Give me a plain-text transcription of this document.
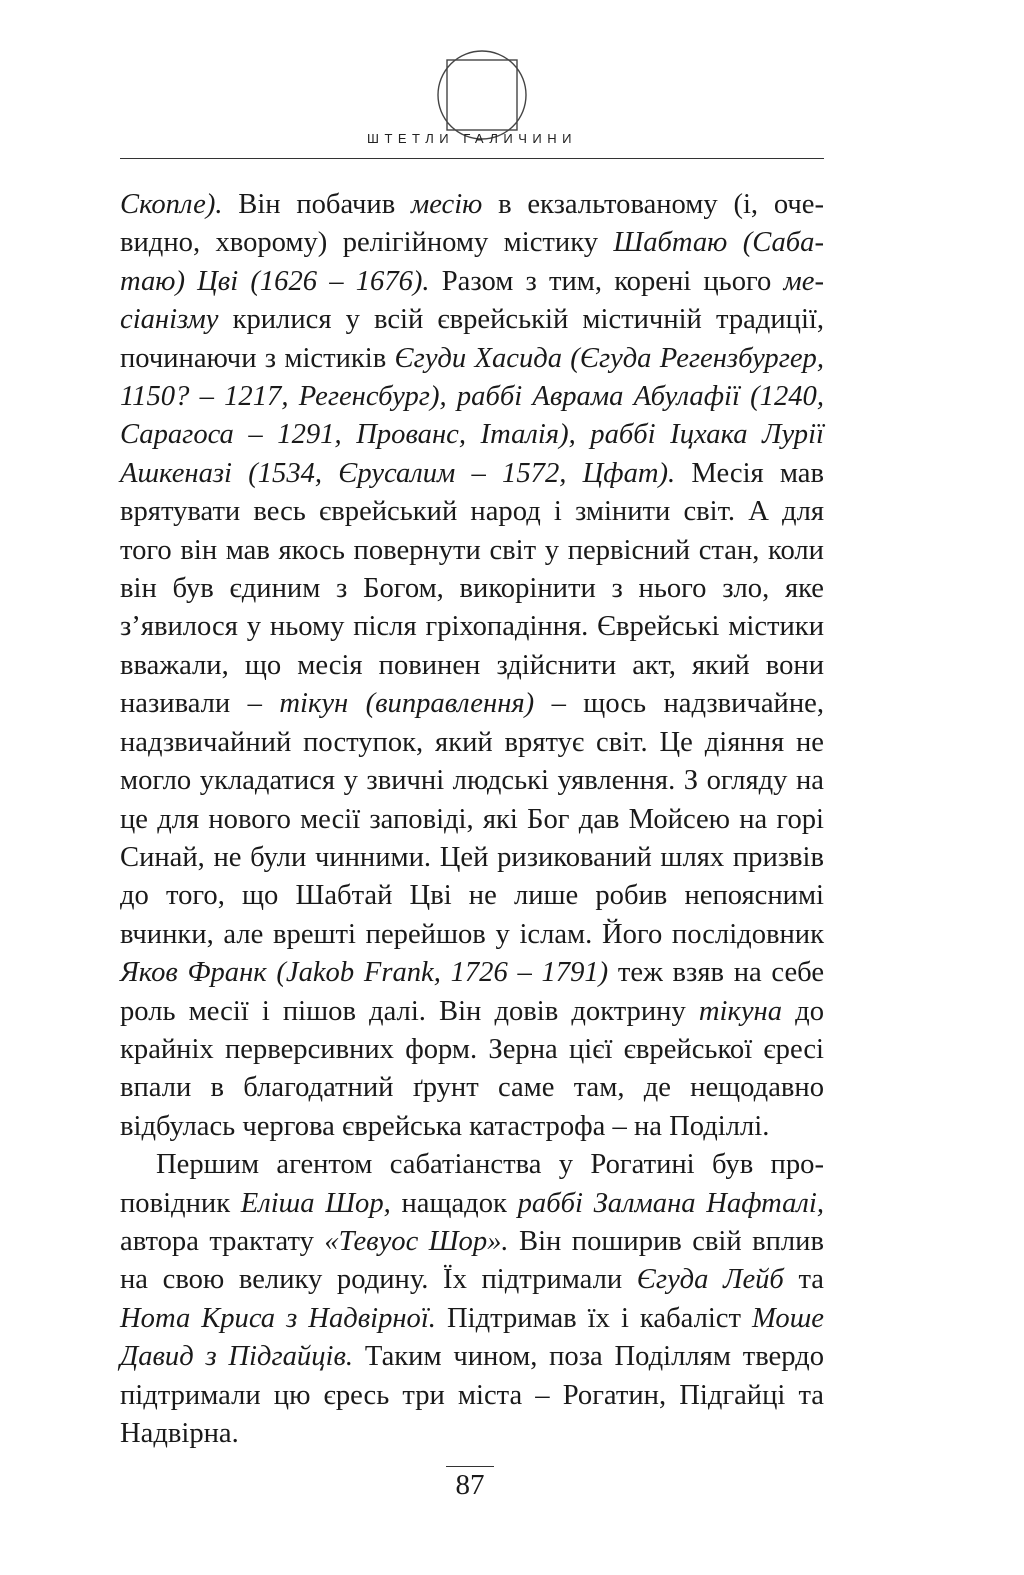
ШТЕТЛИ ГАЛИЧИНИ

Скопле). Він побачив месію в екзальтованому (і, очевидно, хворому) релігійному містику Шабтаю (Сабатаю) Цві (1626 – 1676). Разом з тим, корені цього месіанізму крилися у всій єврейській містичній традиції, починаючи з містиків Єгуди Хасида (Єгуда Регензбургер, 1150? – 1217, Регенсбург), раббі Аврама Абулафії (1240, Сарагоса – 1291, Прованс, Італія), раббі Іцхака Лурії Ашкеназі (1534, Єрусалим – 1572, Цфат). Месія мав врятувати весь єврейський народ і змінити світ. А для того він мав якось повернути світ у первісний стан, коли він був єдиним з Богом, викорінити з нього зло, яке з’явилося у ньому після гріхопадіння. Єврейські містики вважали, що месія повинен здійснити акт, який вони називали – тікун (виправлення) – щось надзвичайне, надзвичайний поступок, який врятує світ. Це діяння не могло укладатися у звичні людські уявлення. З огляду на це для нового месії заповіді, які Бог дав Мойсею на горі Синай, не були чинними. Цей ризикований шлях призвів до того, що Шабтай Цві не лише робив непояснимі вчинки, але врешті перейшов у іслам. Його послідовник Яков Франк (Jakob Frank, 1726 – 1791) теж взяв на себе роль месії і пішов далі. Він довів доктрину тікуна до крайніх перверсивних форм. Зерна цієї єврейської єресі впали в благодатний ґрунт саме там, де нещодавно відбулась чергова єврейська катастрофа – на Поділлі.

Першим агентом сабатіанства у Рогатині був проповідник Еліша Шор, нащадок раббі Залмана Нафталі, автора трактату «Тевуос Шор». Він поширив свій вплив на свою велику родину. Їх підтримали Єгуда Лейб та Нота Криса з Надвірної. Підтримав їх і кабаліст Моше Давид з Підгайців. Таким чином, поза Поділлям твердо підтримали цю єресь три міста – Рогатин, Підгайці та Надвірна.

87
